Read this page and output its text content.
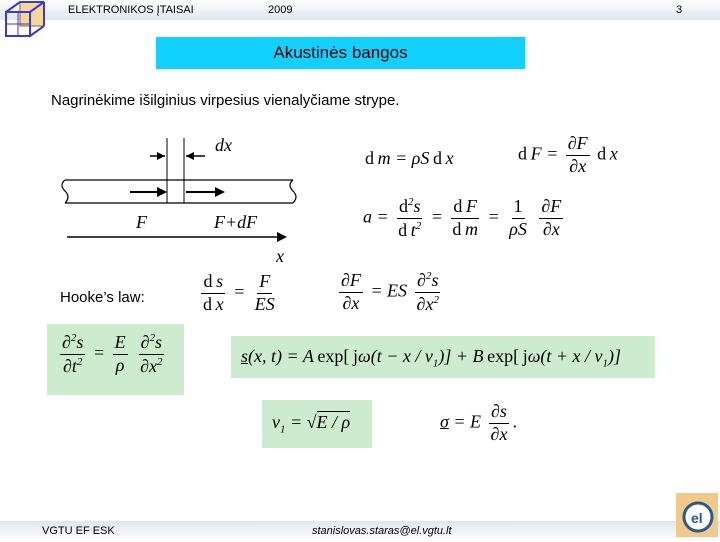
ELEKTRONIKOS ĮTAISAI	2009	3
Akustinės bangos
Nagrinėkime išilginius virpesius vienalyčiame strype.
dx
F	F+dF
x
d m = ρS d x	d $F = \frac{\partial F}{\partial x}$ d x
$a = \frac{d^2s}{d t^2} = \frac{\text{d F}}{\text{d m}} = \frac{1}{\rho S}$
$\frac{\partial F}{\partial x}$
Hooke’s law:	$\frac{\text{d s}}{\text{d x}} = \frac{F}{ES}$	$\frac{\partial F}{\partial x}$ = ES $\frac{\partial^2s}{\partial x^2}$
$\frac{\partial^2s}{\partial t^2} = \frac{E}{\rho}$
$\frac{\partial^2s}{\partial x^2}$	s(x, t) = A exp[ $j\omega(t - x / v_1)] + B$ exp[ $j\omega(t + x / v_1)$]
$v_1 = √E / \rho$	σ = E $\frac{\partial s}{\partial x}$ .
VGTU EF ESK	stanislovas.staras@el.vgtu.lt
el
